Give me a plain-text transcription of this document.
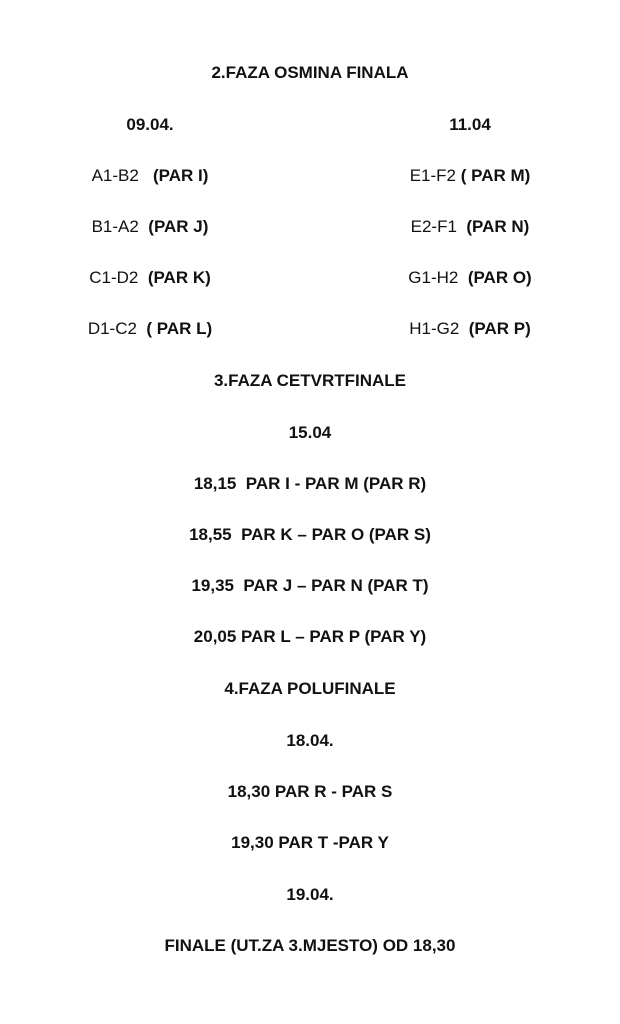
2.FAZA OSMINA FINALA
09.04.	11.04
A1-B2   (PAR I)	E1-F2 ( PAR M)
B1-A2  (PAR J)	E2-F1  (PAR N)
C1-D2  (PAR K)	G1-H2  (PAR O)
D1-C2  ( PAR L)	H1-G2  (PAR P)
3.FAZA CETVRTFINALE
15.04
18,15  PAR I - PAR M (PAR R)
18,55  PAR K – PAR O (PAR S)
19,35  PAR J – PAR N (PAR T)
20,05 PAR L – PAR P (PAR Y)
4.FAZA POLUFINALE
18.04.
18,30 PAR R - PAR S
19,30 PAR T -PAR Y
19.04.
FINALE (UT.ZA 3.MJESTO) OD 18,30
